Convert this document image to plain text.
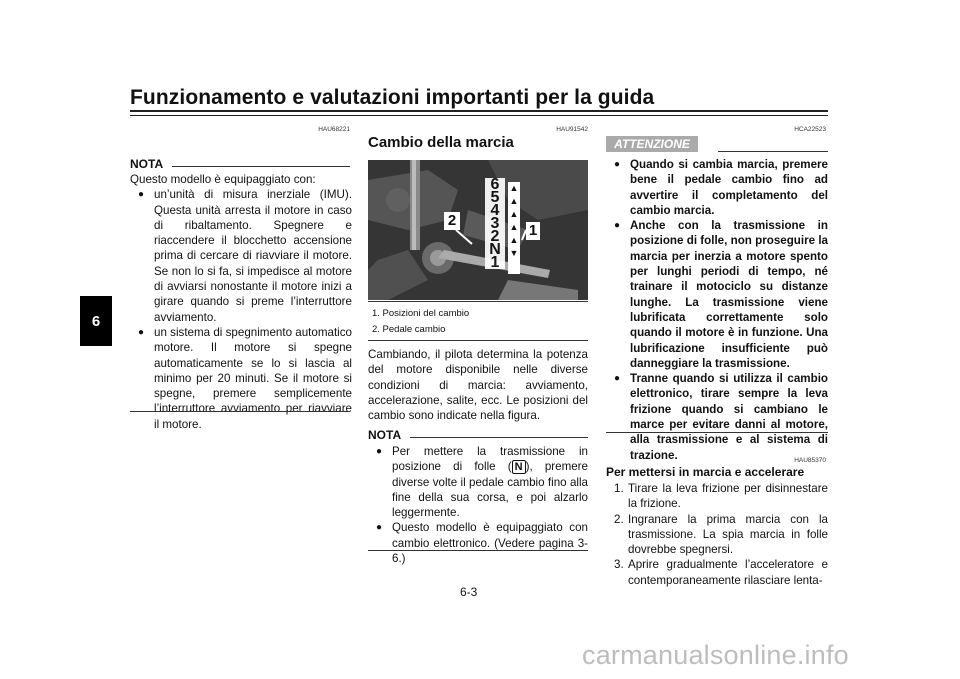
Funzionamento e valutazioni importanti per la guida
6
HAU68221
NOTA
Questo modello è equipaggiato con:
● un’unità di misura inerziale (IMU). Questa unità arresta il motore in caso di ribaltamento. Spegnere e riaccendere il blocchetto accensione prima di cercare di riavviare il motore. Se non lo si fa, si impedisce al motore di avviarsi nonostante il motore inizi a girare quando si preme l’interruttore avviamento.
● un sistema di spegnimento automatico motore. Il motore si spegne automaticamente se lo si lascia al minimo per 20 minuti. Se il motore si spegne, premere semplicemente l’interruttore avviamento per riavviare il motore.
HAU91542
Cambio della marcia
6
5
4
3
2
N
1
▲
▲
▲
▲
▲
▼
2
1
1. Posizioni del cambio
2. Pedale cambio
Cambiando, il pilota determina la potenza del motore disponibile nelle diverse condizioni di marcia: avviamento, accelerazione, salite, ecc. Le posizioni del cambio sono indicate nella figura.
NOTA
● Per mettere la trasmissione in posizione di folle ( N ), premere diverse volte il pedale cambio fino alla fine della sua corsa, e poi alzarlo leggermente.
● Questo modello è equipaggiato con cambio elettronico. (Vedere pagina 3-6.)
HCA22523
ATTENZIONE
● Quando si cambia marcia, premere bene il pedale cambio fino ad avvertire il completamento del cambio marcia.
● Anche con la trasmissione in posizione di folle, non proseguire la marcia per inerzia a motore spento per lunghi periodi di tempo, né trainare il motociclo su distanze lunghe. La trasmissione viene lubrificata correttamente solo quando il motore è in funzione. Una lubrificazione insufficiente può danneggiare la trasmissione.
● Tranne quando si utilizza il cambio elettronico, tirare sempre la leva frizione quando si cambiano le marce per evitare danni al motore, alla trasmissione e al sistema di trazione.	HAU85370
Per mettersi in marcia e accelerare
1. Tirare la leva frizione per disinnestare la frizione.
2. Ingranare la prima marcia con la trasmissione. La spia marcia in folle dovrebbe spegnersi.
3. Aprire gradualmente l’acceleratore e contemporaneamente rilasciare lenta-
6-3
carmanualsonline.info
